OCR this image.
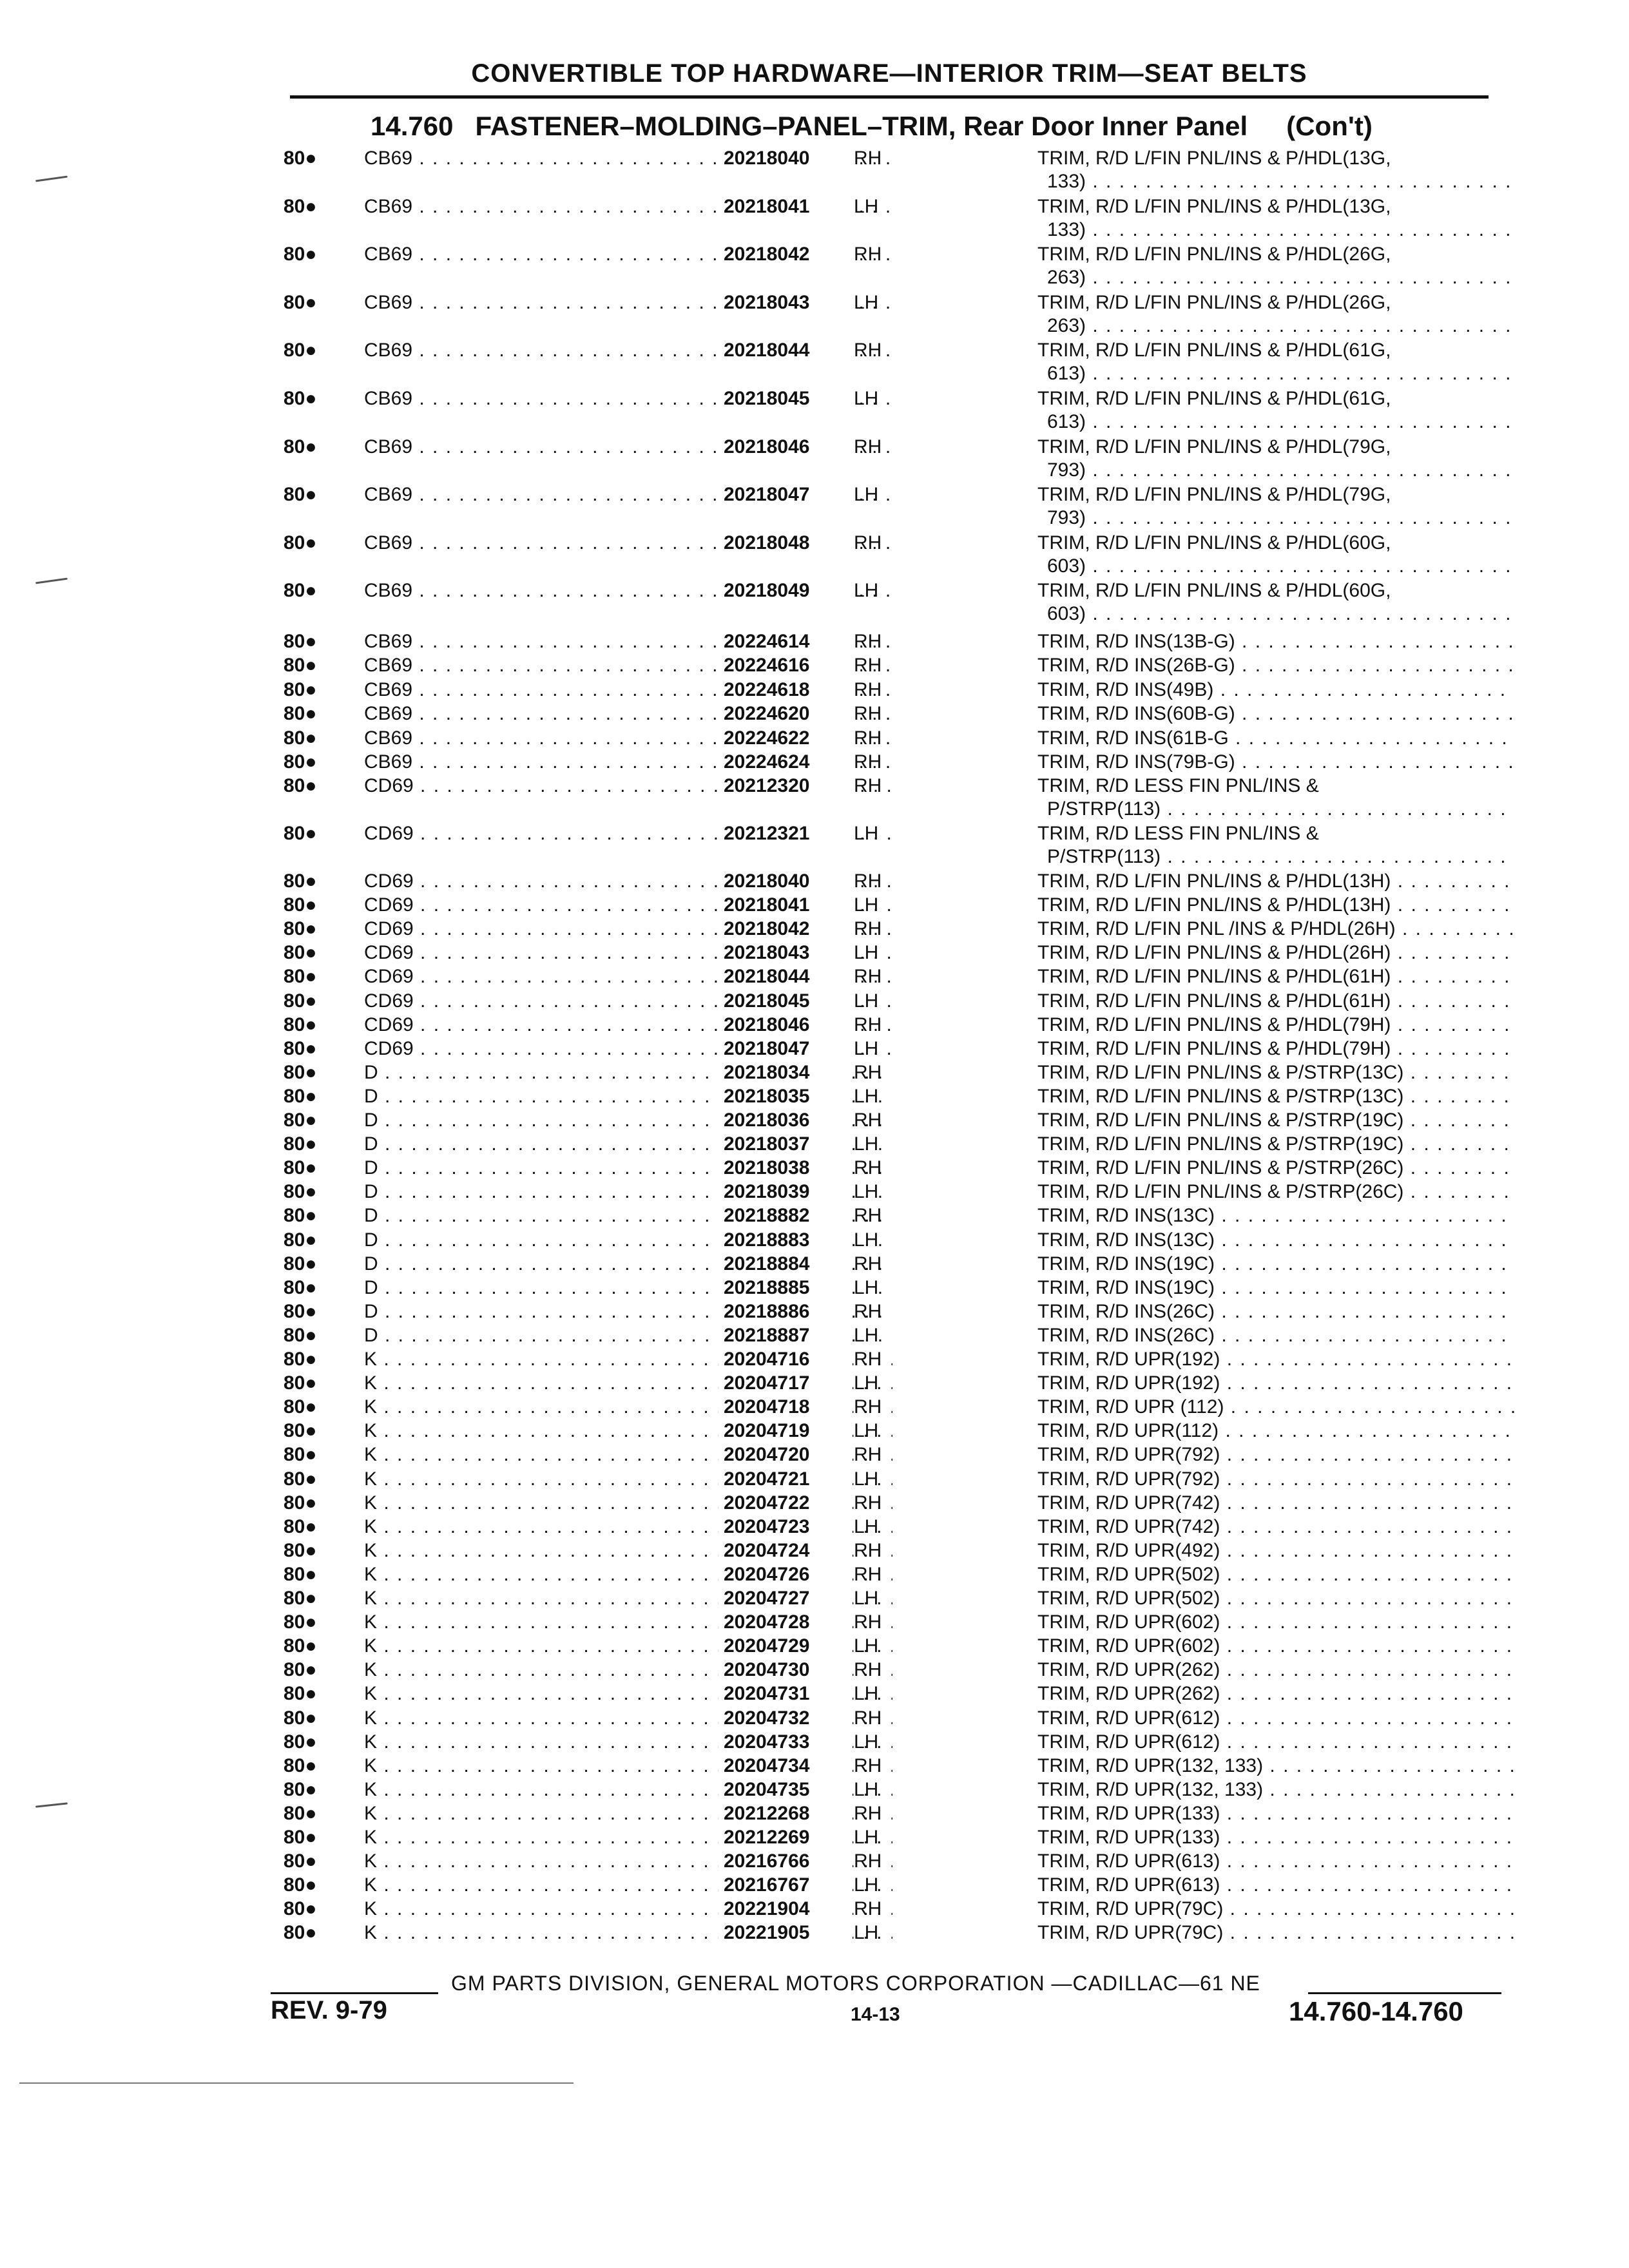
CONVERTIBLE TOP HARDWARE—INTERIOR TRIM—SEAT BELTS
14.760 FASTENER–MOLDING–PANEL–TRIM, Rear Door Inner Panel (Con't)
80● CB69 . . .	20218040	RH	TRIM, R/D L/FIN PNL/INS & P/HDL(13G,
133) . . .
80● CB69 . . .	20218041	LH	TRIM, R/D L/FIN PNL/INS & P/HDL(13G,
133) . . .
80● CB69 . . .	20218042	RH	TRIM, R/D L/FIN PNL/INS & P/HDL(26G,
263) . . .
80● CB69 . . .	20218043	LH	TRIM, R/D L/FIN PNL/INS & P/HDL(26G,
263) . . .
80● CB69 . . .	20218044	RH	TRIM, R/D L/FIN PNL/INS & P/HDL(61G,
613) . . .
80● CB69 . . .	20218045	LH	TRIM, R/D L/FIN PNL/INS & P/HDL(61G,
613) . . .
80● CB69 . . .	20218046	RH	TRIM, R/D L/FIN PNL/INS & P/HDL(79G,
793) . . .
80● CB69 . . .	20218047	LH	TRIM, R/D L/FIN PNL/INS & P/HDL(79G,
793) . . .
80● CB69 . . .	20218048	RH	TRIM, R/D L/FIN PNL/INS & P/HDL(60G,
603) . . .
80● CB69 . . .	20218049	LH	TRIM, R/D L/FIN PNL/INS & P/HDL(60G,
603) . . .
80● CB69 . . .	20224614	RH	TRIM, R/D INS(13B-G) . . .
80● CB69 . . .	20224616	RH	TRIM, R/D INS(26B-G) . . .
80● CB69 . . .	20224618	RH	TRIM, R/D INS(49B) . . .
80● CB69 . . .	20224620	RH	TRIM, R/D INS(60B-G) . . .
80● CB69 . . .	20224622	RH	TRIM, R/D INS(61B-G . . .
80● CB69 . . .	20224624	RH	TRIM, R/D INS(79B-G) . . .
80● CD69 . . .	20212320	RH	TRIM, R/D LESS FIN PNL/INS &
P/STRP(113) . . .
80● CD69 . . .	20212321	LH	TRIM, R/D LESS FIN PNL/INS &
P/STRP(113) . . .
80● CD69 . . .	20218040	RH	TRIM, R/D L/FIN PNL/INS & P/HDL(13H) . . .
80● CD69 . . .	20218041	LH	TRIM, R/D L/FIN PNL/INS & P/HDL(13H) . . .
80● CD69 . . .	20218042	RH	TRIM, R/D L/FIN PNL /INS & P/HDL(26H) . . .
80● CD69 . . .	20218043	LH	TRIM, R/D L/FIN PNL/INS & P/HDL(26H) . . .
80● CD69 . . .	20218044	RH	TRIM, R/D L/FIN PNL/INS & P/HDL(61H) . . .
80● CD69 . . .	20218045	LH	TRIM, R/D L/FIN PNL/INS & P/HDL(61H) . . .
80● CD69 . . .	20218046	RH	TRIM, R/D L/FIN PNL/INS & P/HDL(79H) . . .
80● CD69 . . .	20218047	LH	TRIM, R/D L/FIN PNL/INS & P/HDL(79H) . . .
80● D . . .	20218034	RH	TRIM, R/D L/FIN PNL/INS & P/STRP(13C) . . .
80● D . . .	20218035	LH	TRIM, R/D L/FIN PNL/INS & P/STRP(13C) . . .
80● D . . .	20218036	RH	TRIM, R/D L/FIN PNL/INS & P/STRP(19C) . . .
80● D . . .	20218037	LH	TRIM, R/D L/FIN PNL/INS & P/STRP(19C) . . .
80● D . . .	20218038	RH	TRIM, R/D L/FIN PNL/INS & P/STRP(26C) . . .
80● D . . .	20218039	LH	TRIM, R/D L/FIN PNL/INS & P/STRP(26C) . . .
80● D . . .	20218882	RH	TRIM, R/D INS(13C) . . .
80● D . . .	20218883	LH	TRIM, R/D INS(13C) . . .
80● D . . .	20218884	RH	TRIM, R/D INS(19C) . . .
80● D . . .	20218885	LH	TRIM, R/D INS(19C) . . .
80● D . . .	20218886	RH	TRIM, R/D INS(26C) . . .
80● D . . .	20218887	LH	TRIM, R/D INS(26C) . . .
80● K . . .	20204716	RH	TRIM, R/D UPR(192) . . .
80● K . . .	20204717	LH	TRIM, R/D UPR(192) . . .
80● K . . .	20204718	RH	TRIM, R/D UPR (112) . . .
80● K . . .	20204719	LH	TRIM, R/D UPR(112) . . .
80● K . . .	20204720	RH	TRIM, R/D UPR(792) . . .
80● K . . .	20204721	LH	TRIM, R/D UPR(792) . . .
80● K . . .	20204722	RH	TRIM, R/D UPR(742) . . .
80● K . . .	20204723	LH	TRIM, R/D UPR(742) . . .
80● K . . .	20204724	RH	TRIM, R/D UPR(492) . . .
80● K . . .	20204726	RH	TRIM, R/D UPR(502) . . .
80● K . . .	20204727	LH	TRIM, R/D UPR(502) . . .
80● K . . .	20204728	RH	TRIM, R/D UPR(602) . . .
80● K . . .	20204729	LH	TRIM, R/D UPR(602) . . .
80● K . . .	20204730	RH	TRIM, R/D UPR(262) . . .
80● K . . .	20204731	LH	TRIM, R/D UPR(262) . . .
80● K . . .	20204732	RH	TRIM, R/D UPR(612) . . .
80● K . . .	20204733	LH	TRIM, R/D UPR(612) . . .
80● K . . .	20204734	RH	TRIM, R/D UPR(132, 133) . . .
80● K . . .	20204735	LH	TRIM, R/D UPR(132, 133) . . .
80● K . . .	20212268	RH	TRIM, R/D UPR(133) . . .
80● K . . .	20212269	LH	TRIM, R/D UPR(133) . . .
80● K . . .	20216766	RH	TRIM, R/D UPR(613) . . .
80● K . . .	20216767	LH	TRIM, R/D UPR(613) . . .
80● K . . .	20221904	RH	TRIM, R/D UPR(79C) . . .
80● K . . .	20221905	LH	TRIM, R/D UPR(79C) . . .
GM PARTS DIVISION, GENERAL MOTORS CORPORATION —CADILLAC—61 NE
REV. 9-79	14-13	14.760-14.760
